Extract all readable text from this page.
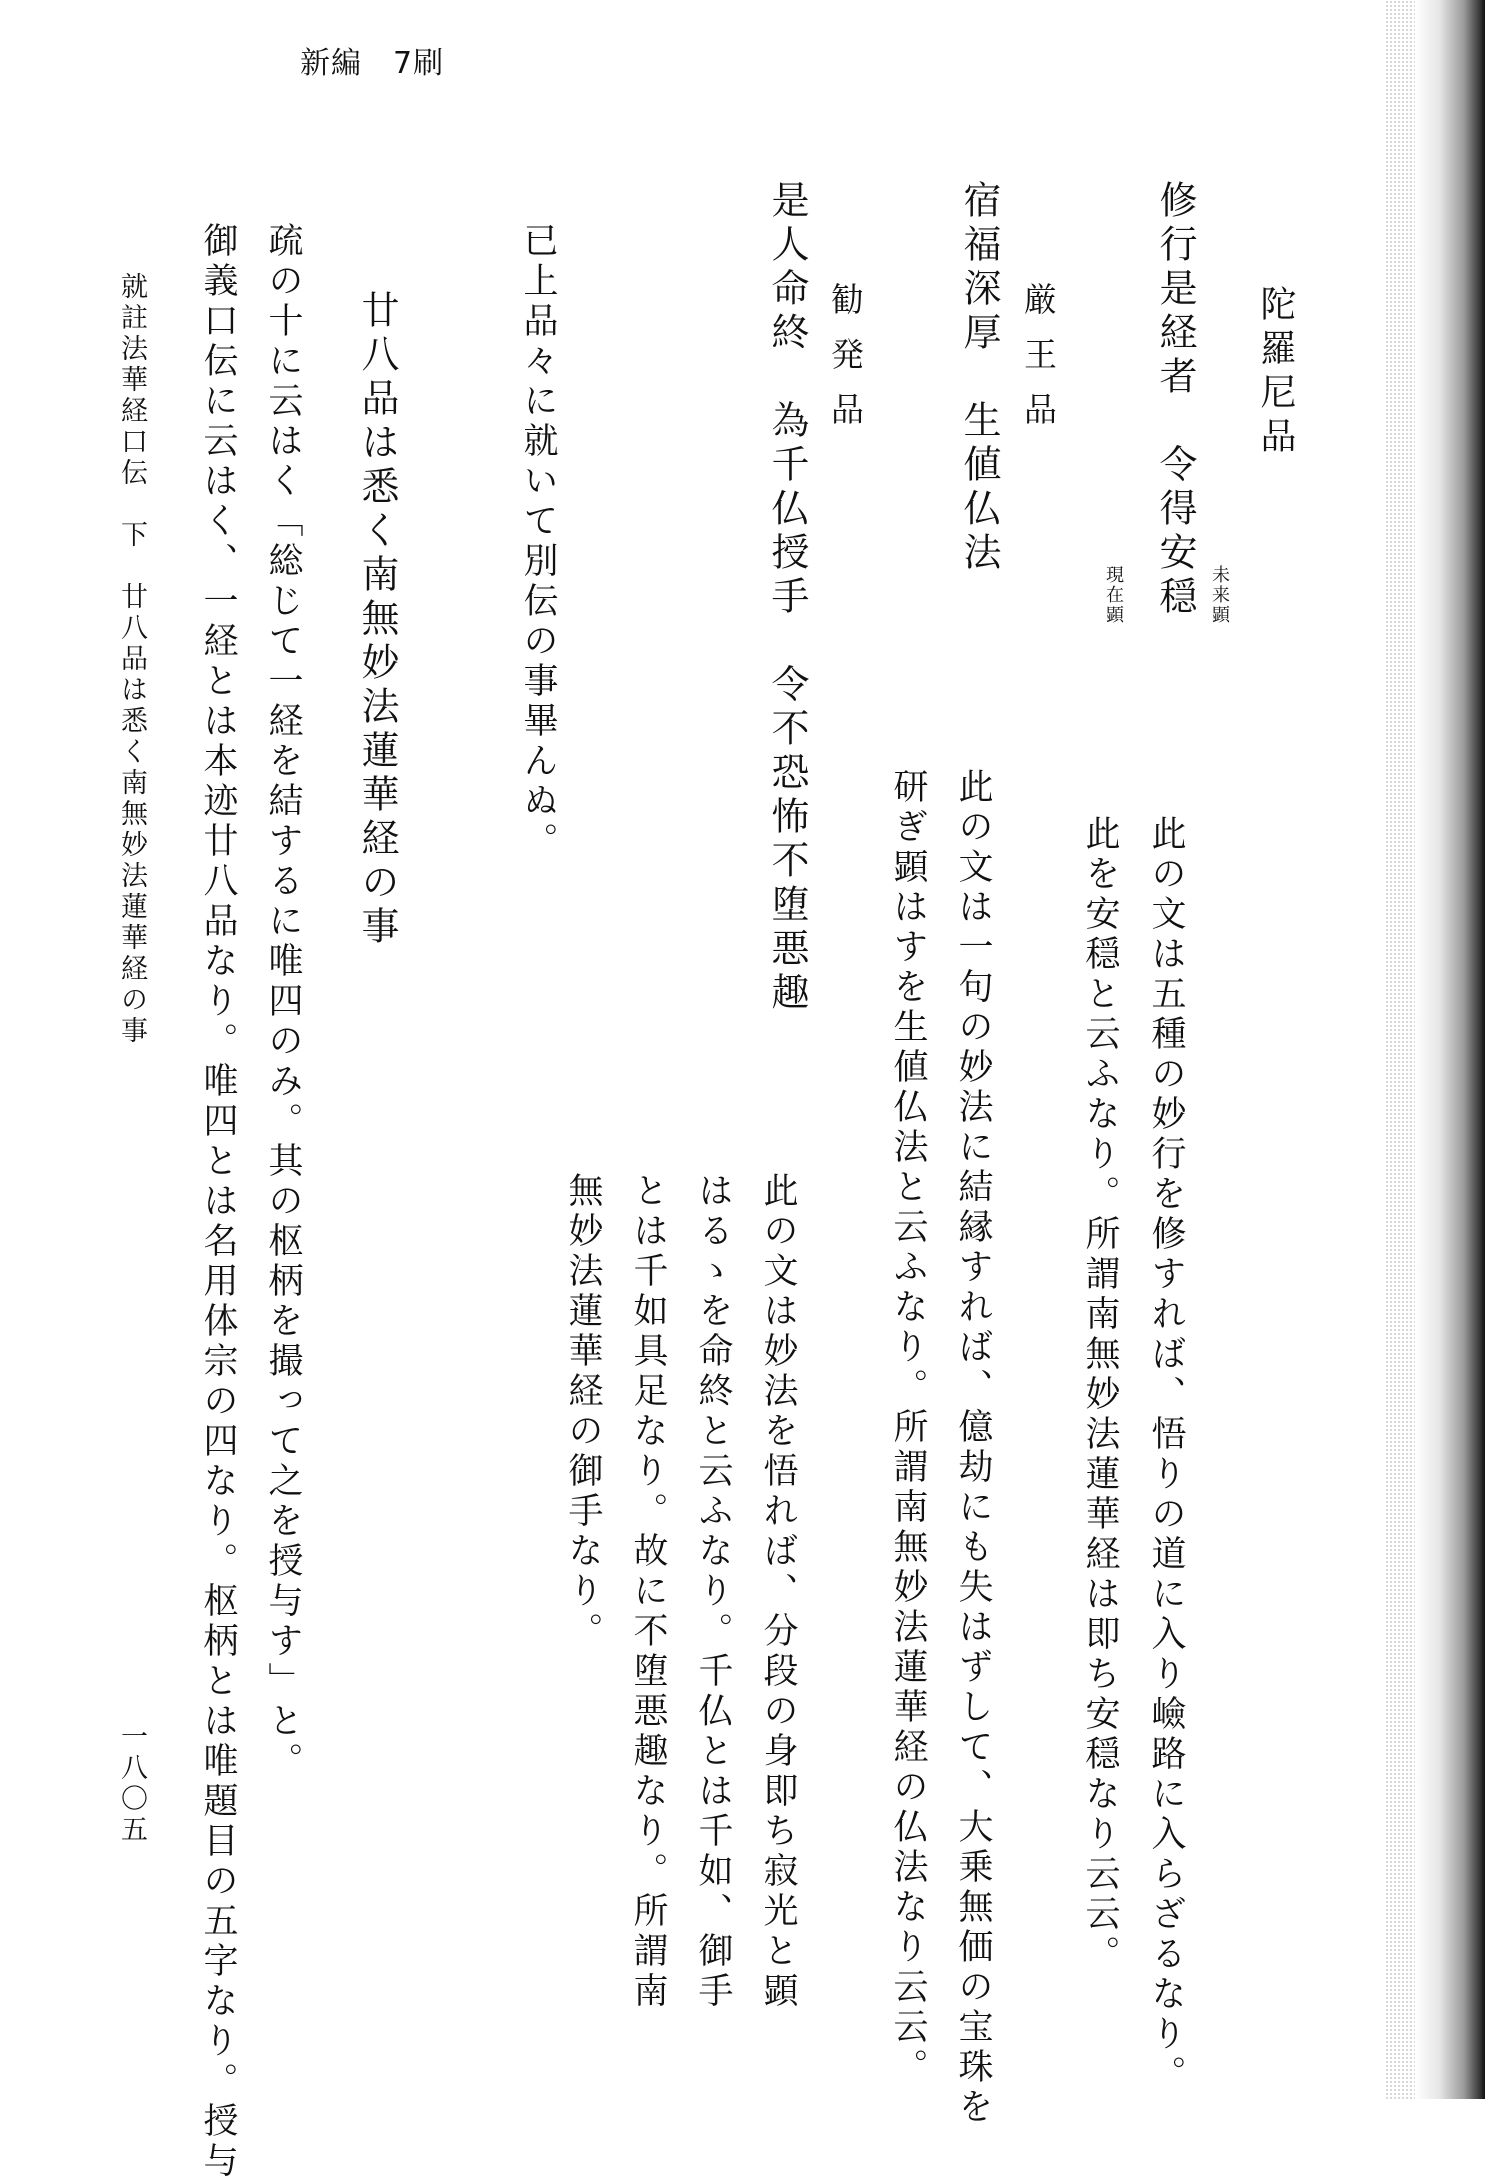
新編　7刷
陀羅尼品
修行是経者　令得安穏 未来顕
現在顕
此の文は五種の妙行を修すれば、悟りの道に入り嶮路に入らざるなり。
此を安穏と云ふなり。所謂南無妙法蓮華経は即ち安穏なり云云。
厳王品
宿福深厚　生値仏法
此の文は一句の妙法に結縁すれば、億劫にも失はずして、大乗無価の宝珠を
研ぎ顕はすを生値仏法と云ふなり。所謂南無妙法蓮華経の仏法なり云云。
勧発品
是人命終　為千仏授手　令不恐怖不堕悪趣
此の文は妙法を悟れば、分段の身即ち寂光と顕
はるゝを命終と云ふなり。千仏とは千如、御手
とは千如具足なり。故に不堕悪趣なり。所謂南
無妙法蓮華経の御手なり。
已上品々に就いて別伝の事畢んぬ。
廿八品は悉く南無妙法蓮華経の事
疏の十に云はく「総じて一経を結するに唯四のみ。其の枢柄を撮って之を授与す」と。
御義口伝に云はく、一経とは本迹廿八品なり。唯四とは名用体宗の四なり。枢柄とは唯題目の五字なり。授与
就註法華経口伝　下　廿八品は悉く南無妙法蓮華経の事
一八〇五
